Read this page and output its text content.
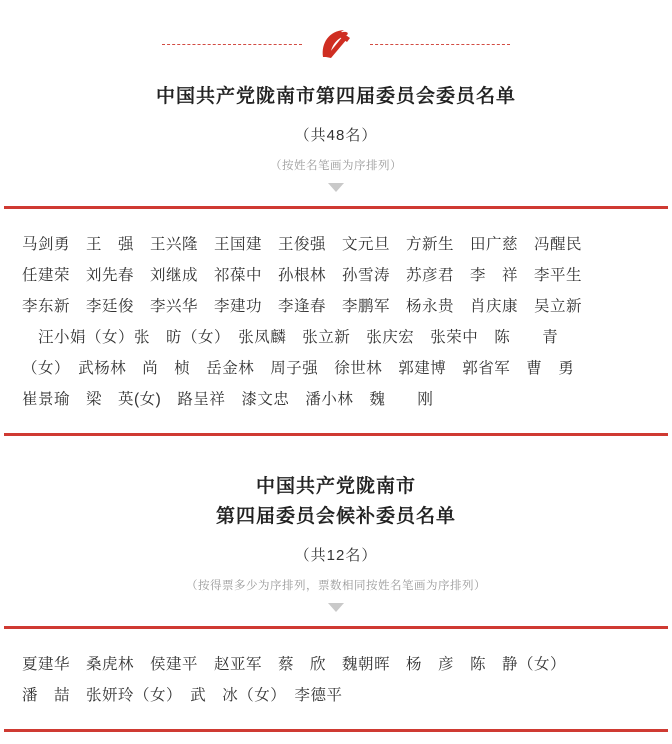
中国共产党陇南市第四届委员会委员名单
（共48名）
（按姓名笔画为序排列）
马剑勇　王　强　王兴隆　王国建　王俊强　文元旦　方新生　田广慈　冯醒民
任建荣　刘先春　刘继成　祁葆中　孙根林　孙雪涛　苏彦君　李　祥　李平生
李东新　李廷俊　李兴华　李建功　李逢春　李鹏军　杨永贵　肖庆康　吴立新
　汪小娟（女）张　昉（女）　张凤麟　张立新　张庆宏　张荣中　陈　　青
（女）　武杨林　尚　桢　岳金林　周子强　徐世林　郭建博　郭省军　曹　勇
崔景瑜　梁　英(女)　路呈祥　漆文忠　潘小林　魏　　刚
中国共产党陇南市
第四届委员会候补委员名单
（共12名）
（按得票多少为序排列，票数相同按姓名笔画为序排列）
夏建华　桑虎林　侯建平　赵亚军　蔡　欣　魏朝晖　杨　彦　陈　静（女）
潘　喆　张妍玲（女）　武　冰（女）　李德平
